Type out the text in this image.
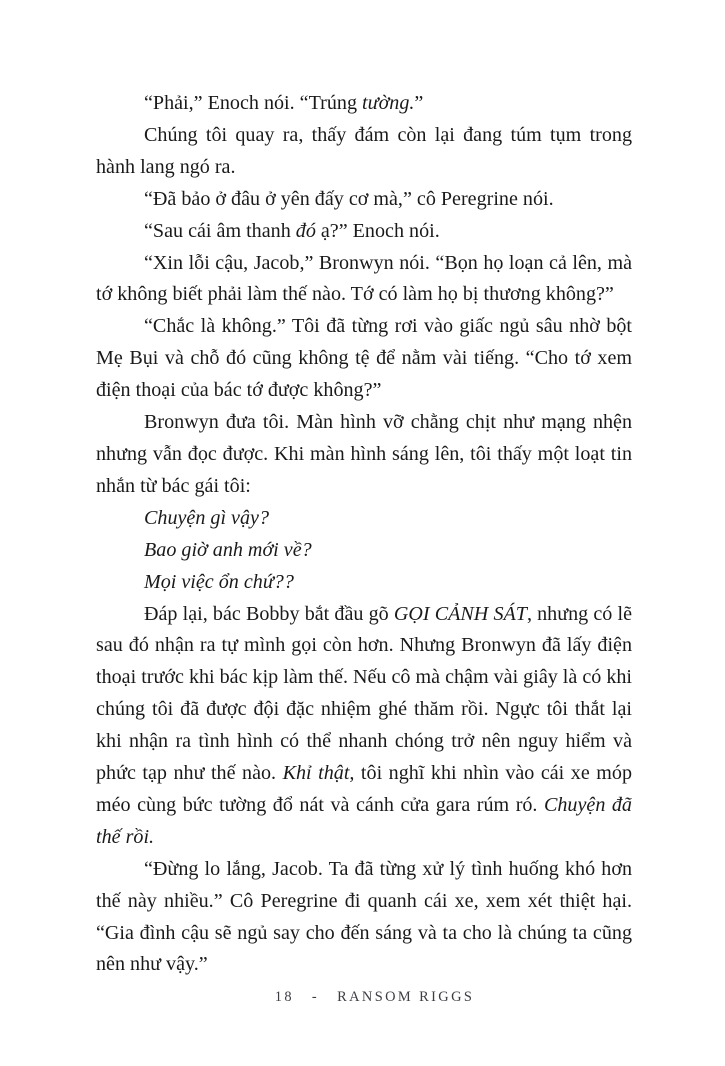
“Phải,” Enoch nói. “Trúng tường.”

Chúng tôi quay ra, thấy đám còn lại đang túm tụm trong hành lang ngó ra.

“Đã bảo ở đâu ở yên đấy cơ mà,” cô Peregrine nói.

“Sau cái âm thanh đó ạ?” Enoch nói.

“Xin lỗi cậu, Jacob,” Bronwyn nói. “Bọn họ loạn cả lên, mà tớ không biết phải làm thế nào. Tớ có làm họ bị thương không?”

“Chắc là không.” Tôi đã từng rơi vào giấc ngủ sâu nhờ bột Mẹ Bụi và chỗ đó cũng không tệ để nằm vài tiếng. “Cho tớ xem điện thoại của bác tớ được không?”

Bronwyn đưa tôi. Màn hình vỡ chằng chịt như mạng nhện nhưng vẫn đọc được. Khi màn hình sáng lên, tôi thấy một loạt tin nhắn từ bác gái tôi:

Chuyện gì vậy?

Bao giờ anh mới về?

Mọi việc ổn chứ??

Đáp lại, bác Bobby bắt đầu gõ GỌI CẢNH SÁT, nhưng có lẽ sau đó nhận ra tự mình gọi còn hơn. Nhưng Bronwyn đã lấy điện thoại trước khi bác kịp làm thế. Nếu cô mà chậm vài giây là có khi chúng tôi đã được đội đặc nhiệm ghé thăm rồi. Ngực tôi thắt lại khi nhận ra tình hình có thể nhanh chóng trở nên nguy hiểm và phức tạp như thế nào. Khỉ thật, tôi nghĩ khi nhìn vào cái xe móp méo cùng bức tường đổ nát và cánh cửa gara rúm ró. Chuyện đã thế rồi.

“Đừng lo lắng, Jacob. Ta đã từng xử lý tình huống khó hơn thế này nhiều.” Cô Peregrine đi quanh cái xe, xem xét thiệt hại. “Gia đình cậu sẽ ngủ say cho đến sáng và ta cho là chúng ta cũng nên như vậy.”

18 - RANSOM RIGGS
